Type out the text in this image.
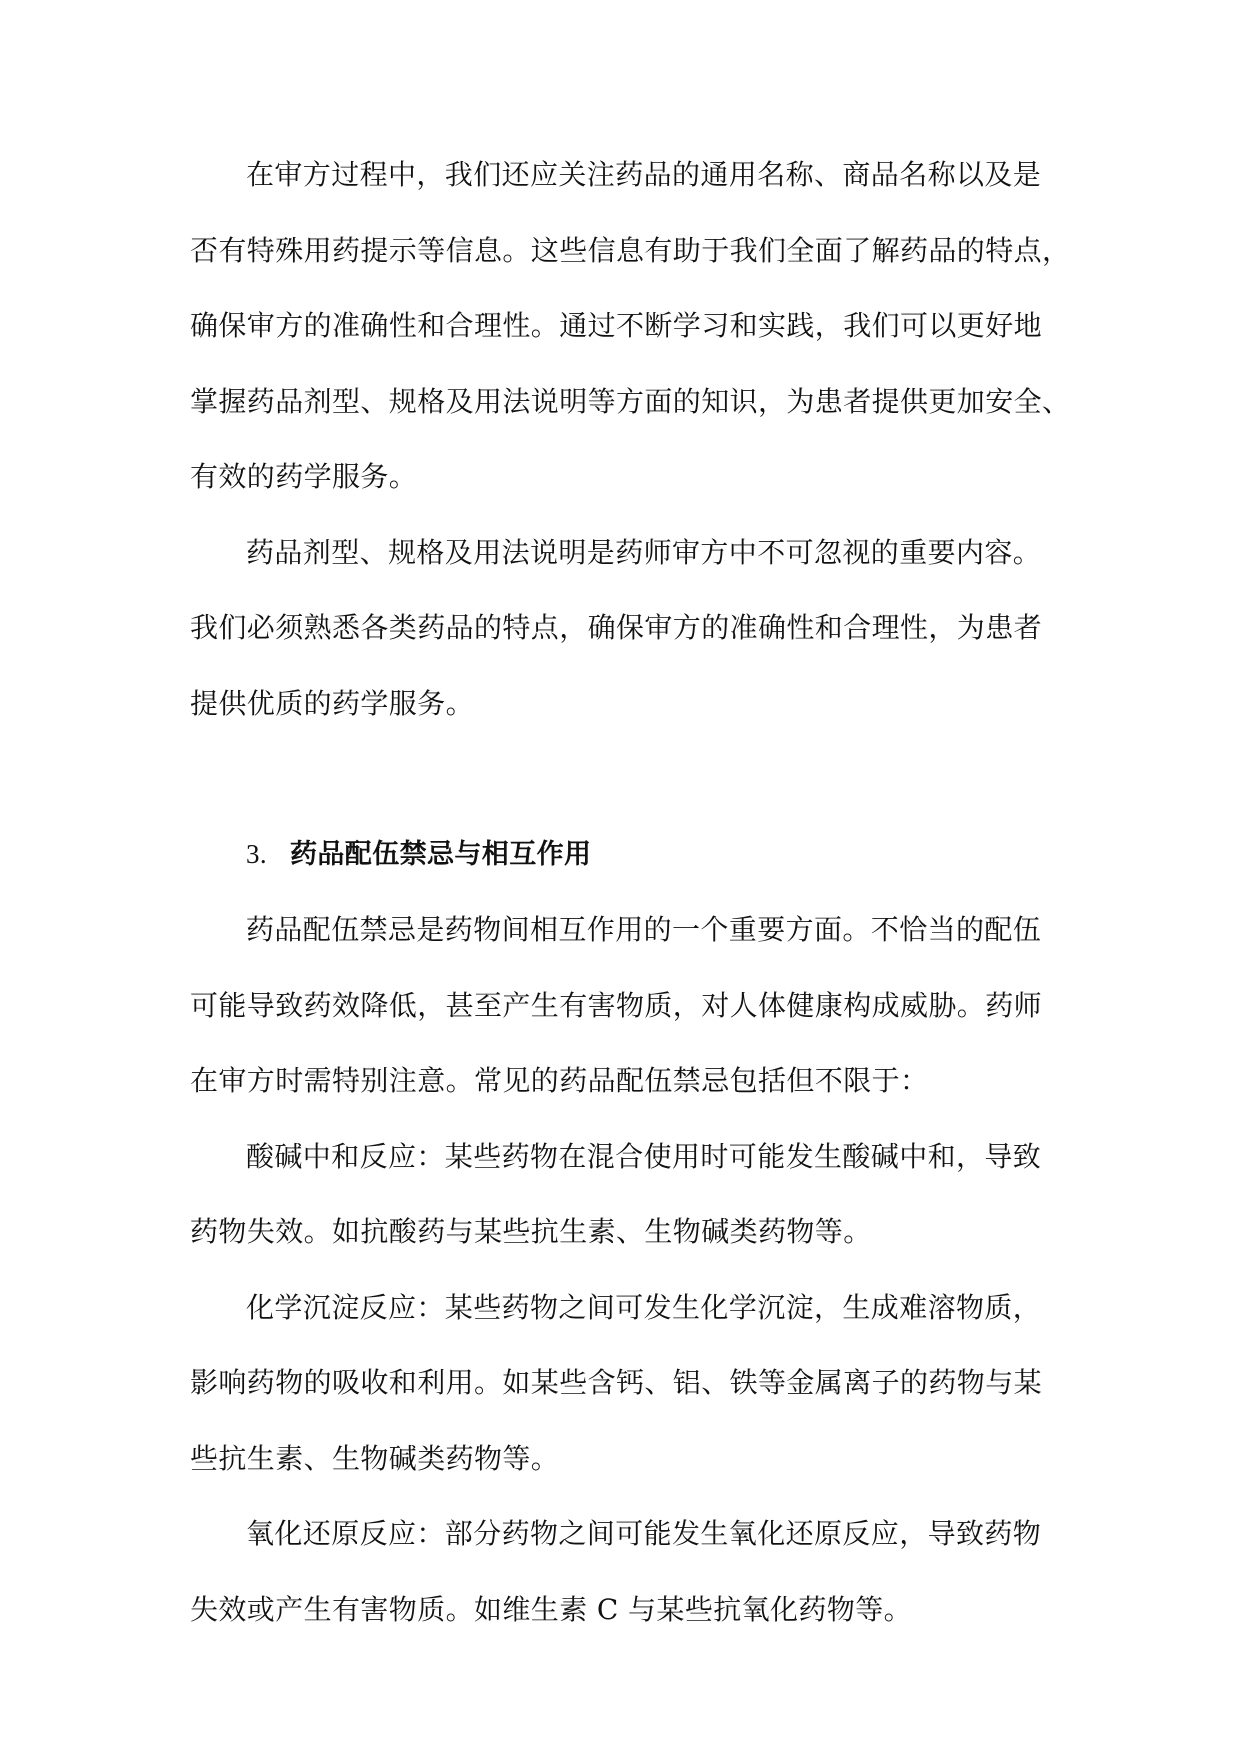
在审方过程中，我们还应关注药品的通用名称、商品名称以及是
否有特殊用药提示等信息。这些信息有助于我们全面了解药品的特点，
确保审方的准确性和合理性。通过不断学习和实践，我们可以更好地
掌握药品剂型、规格及用法说明等方面的知识，为患者提供更加安全、
有效的药学服务。
药品剂型、规格及用法说明是药师审方中不可忽视的重要内容。
我们必须熟悉各类药品的特点，确保审方的准确性和合理性，为患者
提供优质的药学服务。
3. 药品配伍禁忌与相互作用
药品配伍禁忌是药物间相互作用的一个重要方面。不恰当的配伍
可能导致药效降低，甚至产生有害物质，对人体健康构成威胁。药师
在审方时需特别注意。常见的药品配伍禁忌包括但不限于：
酸碱中和反应：某些药物在混合使用时可能发生酸碱中和，导致
药物失效。如抗酸药与某些抗生素、生物碱类药物等。
化学沉淀反应：某些药物之间可发生化学沉淀，生成难溶物质，
影响药物的吸收和利用。如某些含钙、铝、铁等金属离子的药物与某
些抗生素、生物碱类药物等。
氧化还原反应：部分药物之间可能发生氧化还原反应，导致药物
失效或产生有害物质。如维生素 C 与某些抗氧化药物等。
